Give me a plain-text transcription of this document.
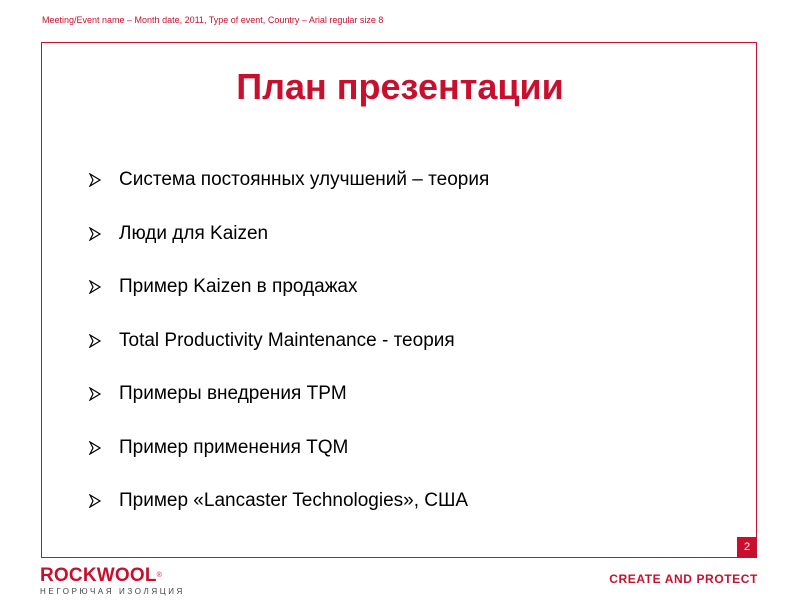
Meeting/Event name – Month date, 2011, Type of event, Country – Arial regular size 8
План презентации
Система постоянных улучшений – теория
Люди для Kaizen
Пример Kaizen в продажах
Total Productivity Maintenance - теория
Примеры внедрения TPM
Пример применения TQM
Пример «Lancaster Technologies», США
2
ROCKWOOL®
НЕГОРЮЧАЯ ИЗОЛЯЦИЯ
CREATE AND PROTECT
